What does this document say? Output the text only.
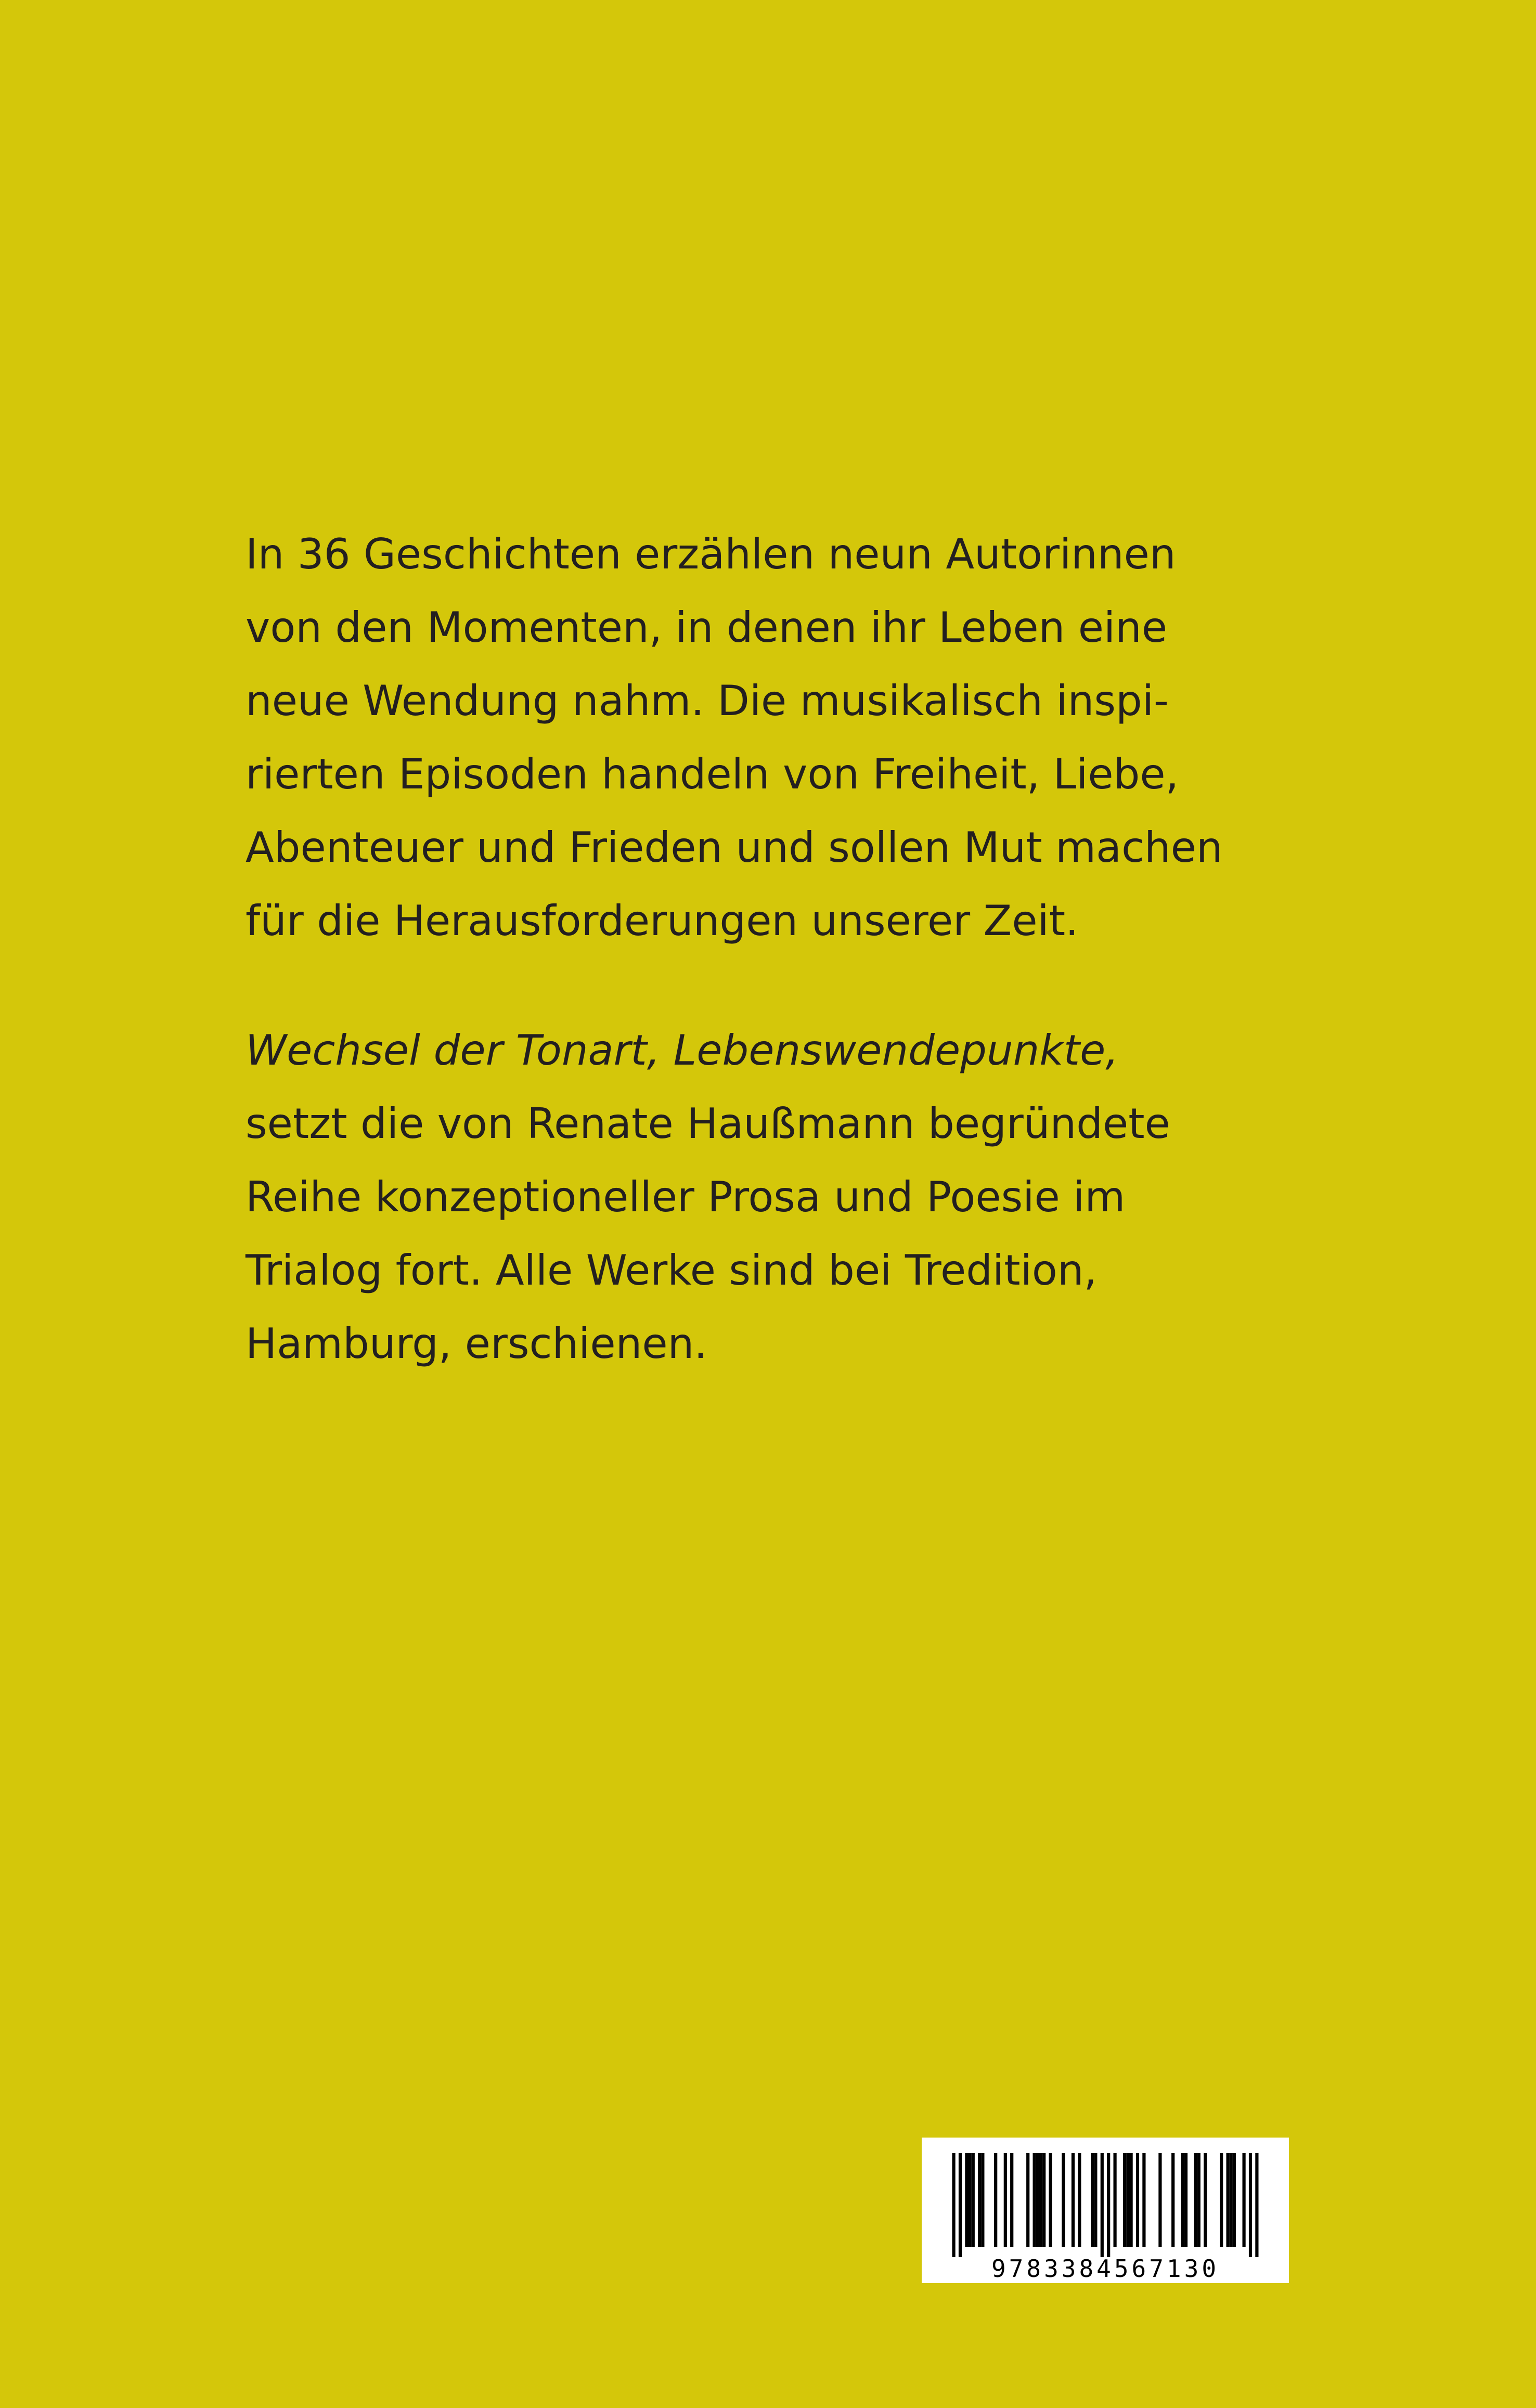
In 36 Geschichten erzählen neun Autorinnen
von den Momenten, in denen ihr Leben eine
neue Wendung nahm. Die musikalisch inspi-
rierten Episoden handeln von Freiheit, Liebe,
Abenteuer und Frieden und sollen Mut machen
für die Herausforderungen unserer Zeit.
Wechsel der Tonart, Lebenswendepunkte,
setzt die von Renate Haußmann begründete
Reihe konzeptioneller Prosa und Poesie im
Trialog fort. Alle Werke sind bei Tredition,
Hamburg, erschienen.
9783384567130
